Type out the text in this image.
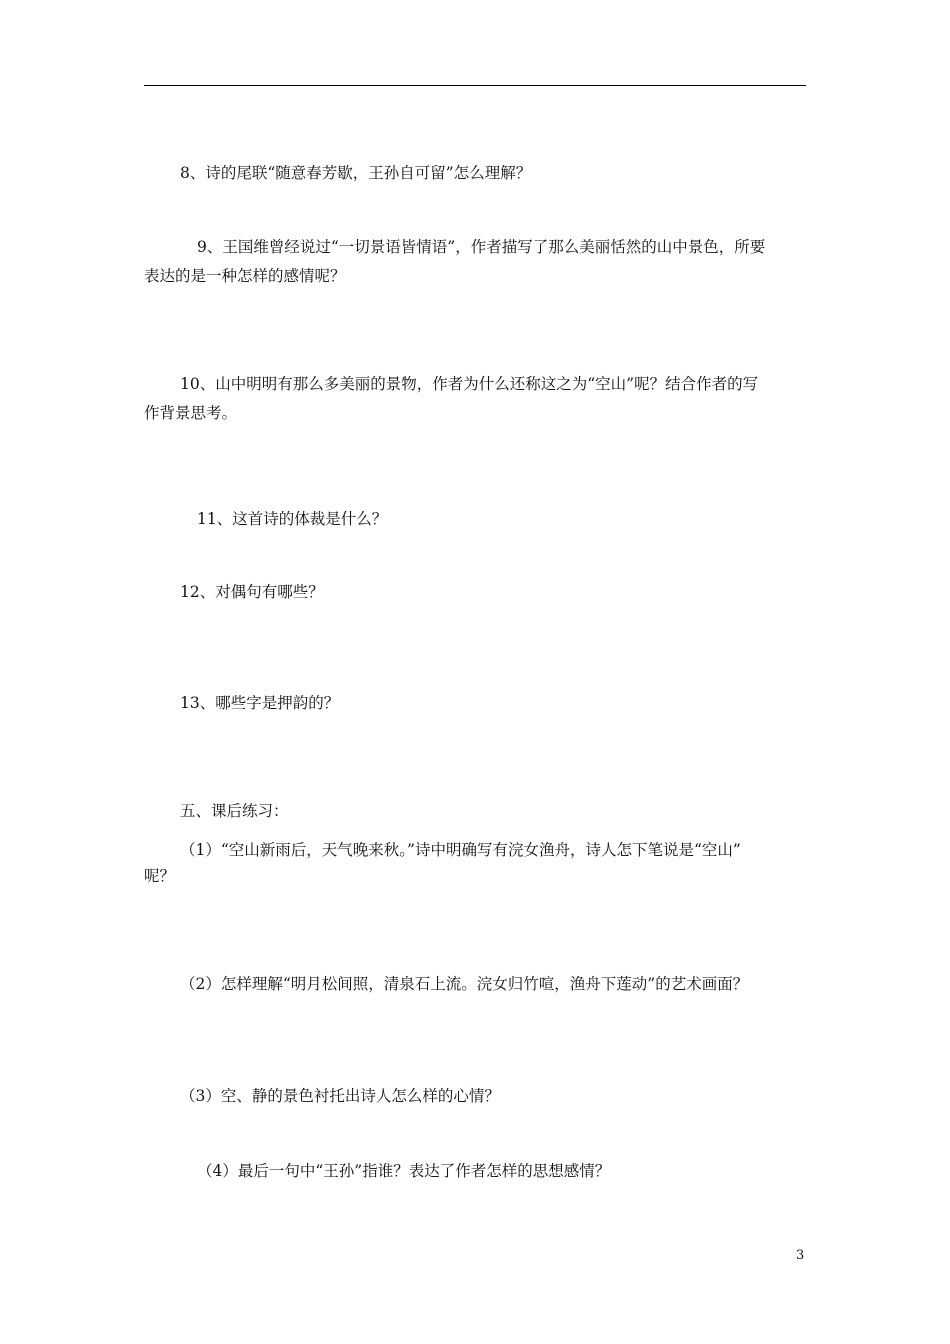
8、诗的尾联“随意春芳歇，王孙自可留”怎么理解？
9、王国维曾经说过“一切景语皆情语”，作者描写了那么美丽恬然的山中景色，所要
表达的是一种怎样的感情呢？
10、山中明明有那么多美丽的景物，作者为什么还称这之为“空山”呢？结合作者的写
作背景思考。
11、这首诗的体裁是什么？
12、对偶句有哪些？
13、哪些字是押韵的？
五、课后练习：
（1）“空山新雨后，天气晚来秋。”诗中明确写有浣女渔舟，诗人怎下笔说是“空山”
呢？
（2）怎样理解“明月松间照，清泉石上流。浣女归竹喧，渔舟下莲动”的艺术画面？
（3）空、静的景色衬托出诗人怎么样的心情？
（4）最后一句中“王孙”指谁？表达了作者怎样的思想感情？
3
